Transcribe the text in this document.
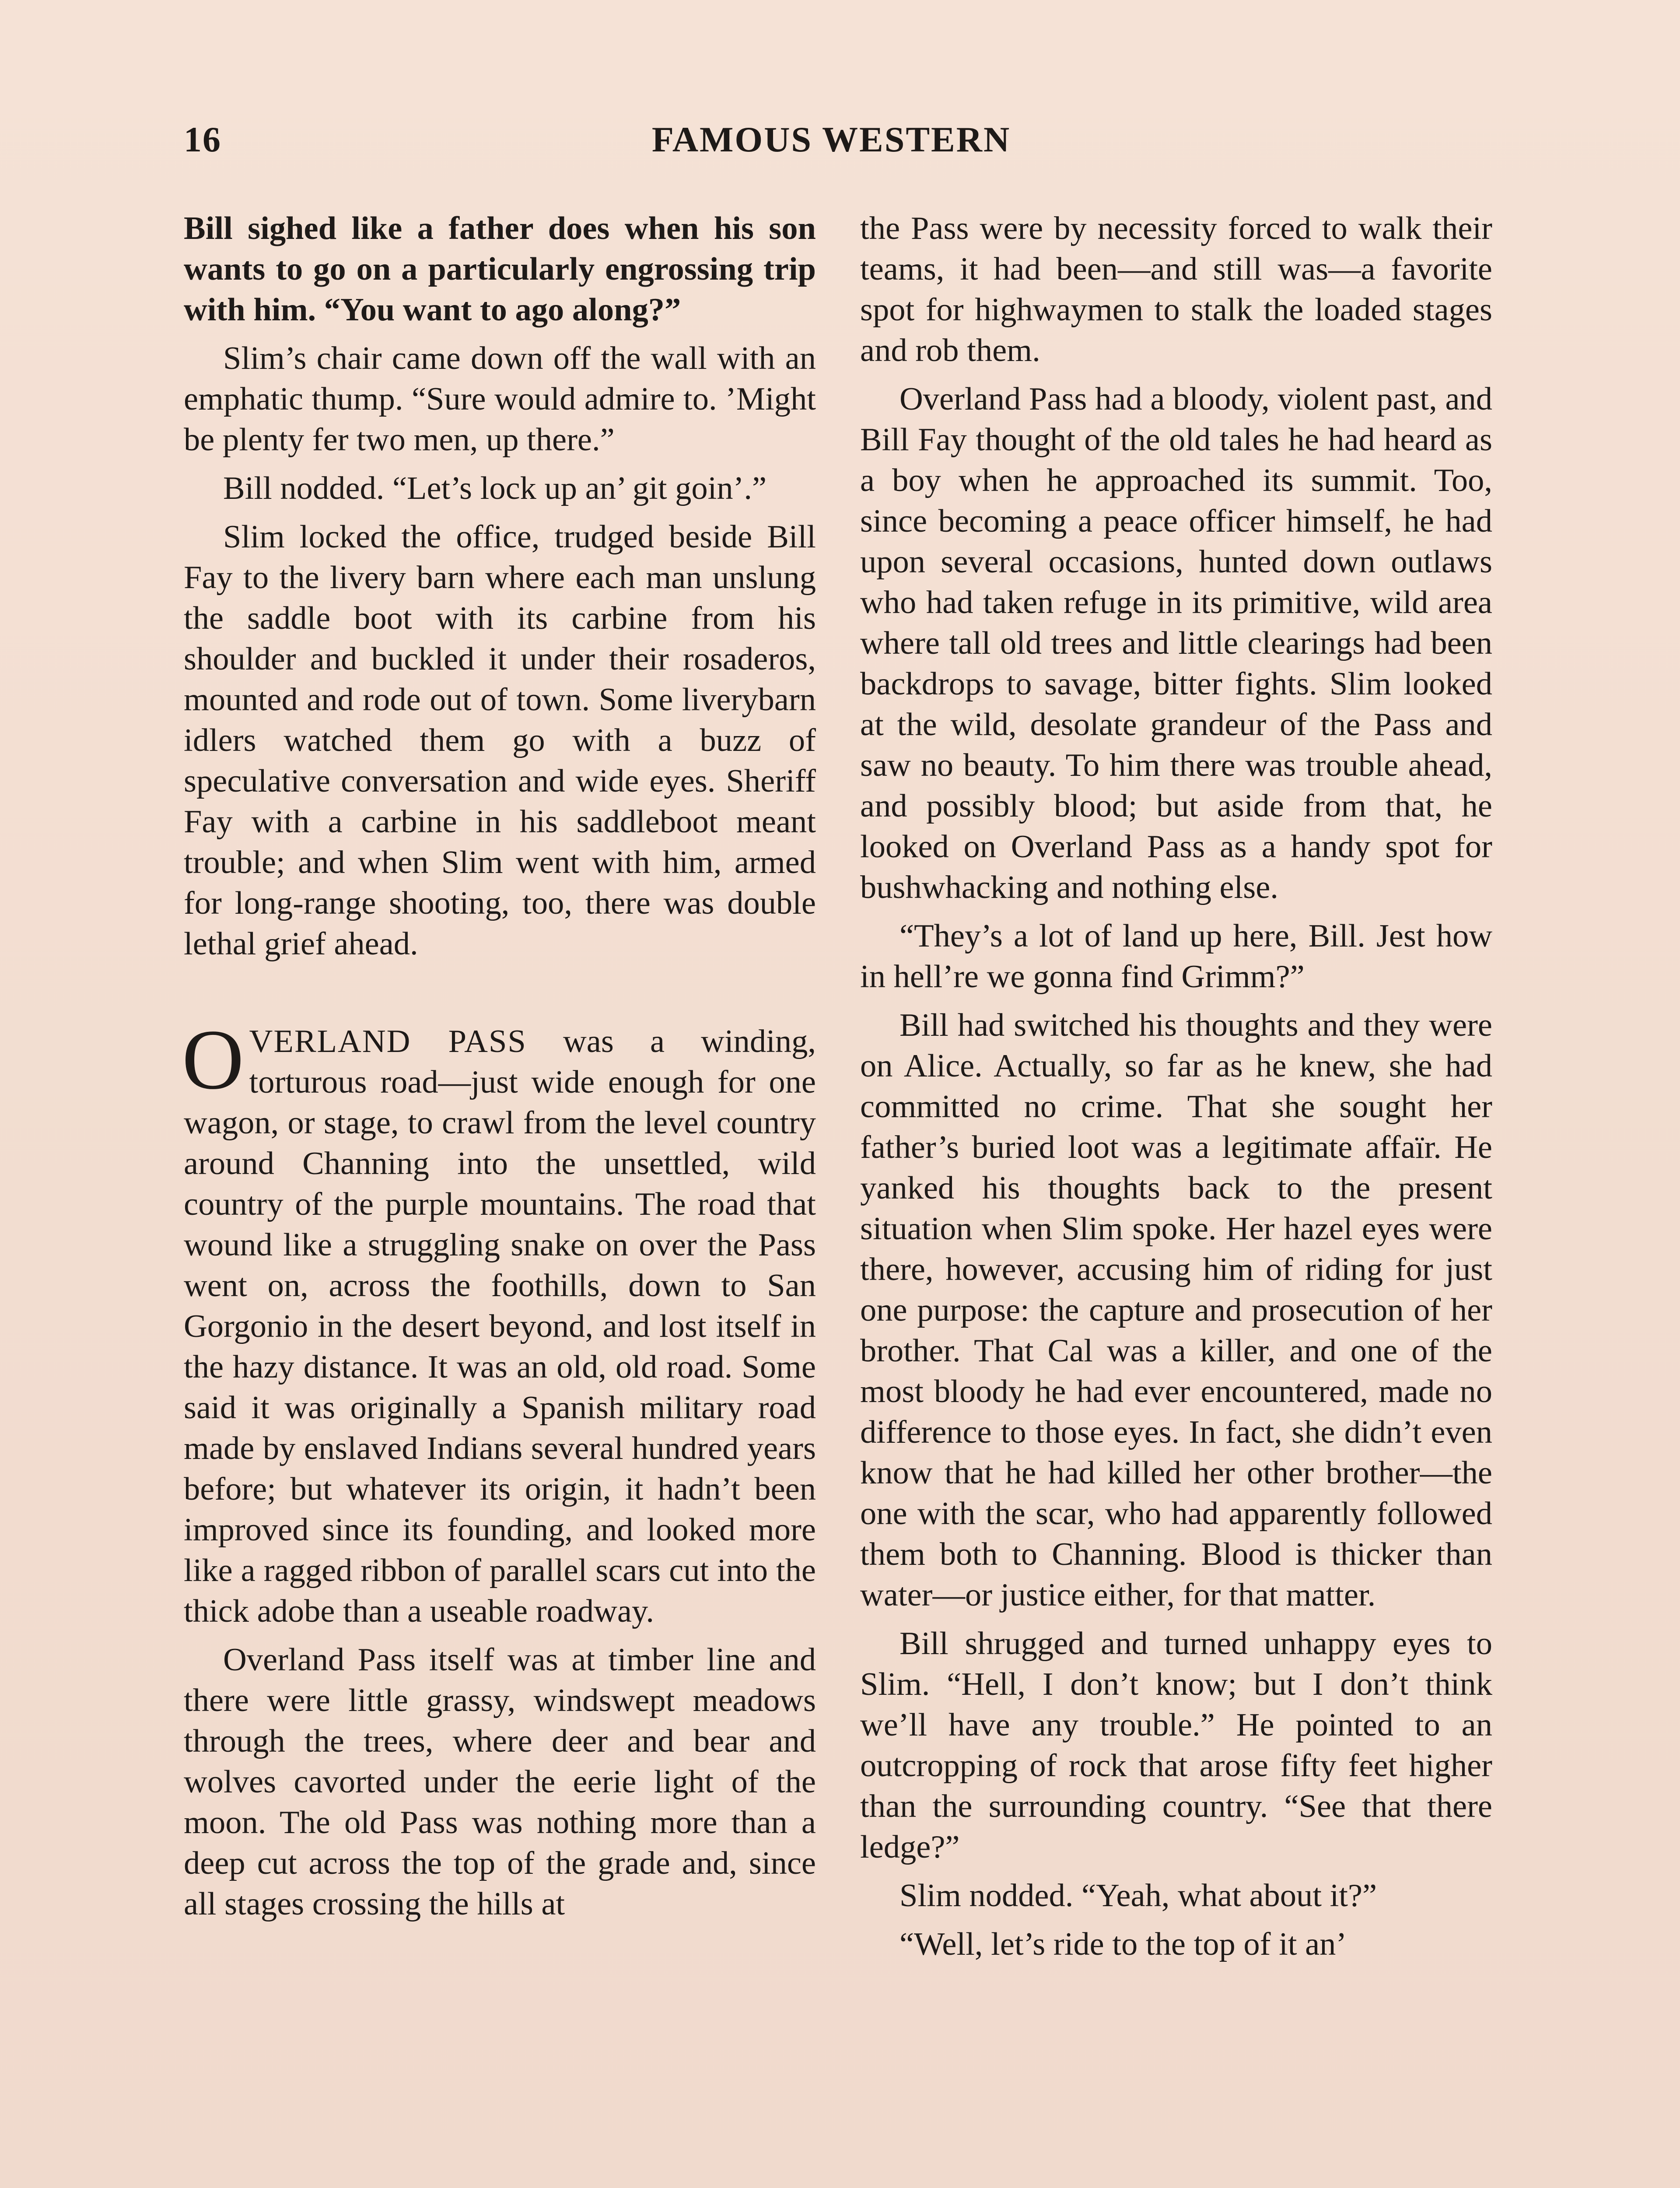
16	FAMOUS WESTERN

Bill sighed like a father does when his son wants to go on a particularly engrossing trip with him. “You want to ago along?”

Slim’s chair came down off the wall with an emphatic thump. “Sure would admire to. ’Might be plenty fer two men, up there.”

Bill nodded. “Let’s lock up an’ git goin’.”

Slim locked the office, trudged beside Bill Fay to the livery barn where each man unslung the saddle boot with its carbine from his shoulder and buckled it under their rosaderos, mounted and rode out of town. Some liverybarn idlers watched them go with a buzz of speculative conversation and wide eyes. Sheriff Fay with a carbine in his saddleboot meant trouble; and when Slim went with him, armed for long-range shooting, too, there was double lethal grief ahead.

OVERLAND PASS was a winding, torturous road—just wide enough for one wagon, or stage, to crawl from the level country around Channing into the unsettled, wild country of the purple mountains. The road that wound like a struggling snake on over the Pass went on, across the foothills, down to San Gorgonio in the desert beyond, and lost itself in the hazy distance. It was an old, old road. Some said it was originally a Spanish military road made by enslaved Indians several hundred years before; but whatever its origin, it hadn’t been improved since its founding, and looked more like a ragged ribbon of parallel scars cut into the thick adobe than a useable roadway.

Overland Pass itself was at timber line and there were little grassy, windswept meadows through the trees, where deer and bear and wolves cavorted under the eerie light of the moon. The old Pass was nothing more than a deep cut across the top of the grade and, since all stages crossing the hills at

the Pass were by necessity forced to walk their teams, it had been—and still was—a favorite spot for highwaymen to stalk the loaded stages and rob them.

Overland Pass had a bloody, violent past, and Bill Fay thought of the old tales he had heard as a boy when he approached its summit. Too, since becoming a peace officer himself, he had upon several occasions, hunted down outlaws who had taken refuge in its primitive, wild area where tall old trees and little clearings had been backdrops to savage, bitter fights. Slim looked at the wild, desolate grandeur of the Pass and saw no beauty. To him there was trouble ahead, and possibly blood; but aside from that, he looked on Overland Pass as a handy spot for bushwhacking and nothing else.

“They’s a lot of land up here, Bill. Jest how in hell’re we gonna find Grimm?”

Bill had switched his thoughts and they were on Alice. Actually, so far as he knew, she had committed no crime. That she sought her father’s buried loot was a legitimate affaïr. He yanked his thoughts back to the present situation when Slim spoke. Her hazel eyes were there, however, accusing him of riding for just one purpose: the capture and prosecution of her brother. That Cal was a killer, and one of the most bloody he had ever encountered, made no difference to those eyes. In fact, she didn’t even know that he had killed her other brother—the one with the scar, who had apparently followed them both to Channing. Blood is thicker than water—or justice either, for that matter.

Bill shrugged and turned unhappy eyes to Slim. “Hell, I don’t know; but I don’t think we’ll have any trouble.” He pointed to an outcropping of rock that arose fifty feet higher than the surrounding country. “See that there ledge?”

Slim nodded. “Yeah, what about it?”

“Well, let’s ride to the top of it an’
